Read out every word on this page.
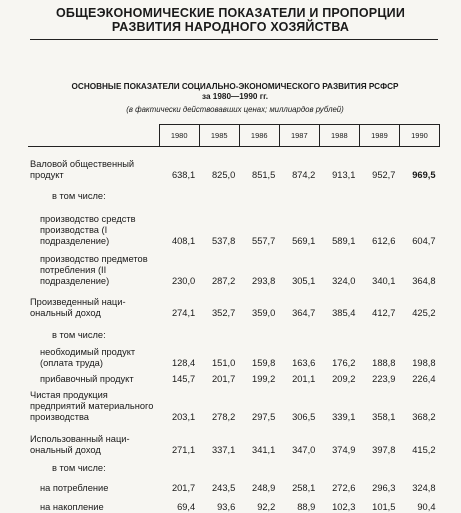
ОБЩЕЭКОНОМИЧЕСКИЕ ПОКАЗАТЕЛИ И ПРОПОРЦИИ
РАЗВИТИЯ НАРОДНОГО ХОЗЯЙСТВА
ОСНОВНЫЕ ПОКАЗАТЕЛИ СОЦИАЛЬНО-ЭКОНОМИЧЕСКОГО РАЗВИТИЯ РСФСР
за 1980—1990 гг.
(в фактически действовавших ценах; миллиардов рублей)
	1980	1985	1986	1987	1988	1989	1990
Валовой общественный продукт	638,1	825,0	851,5	874,2	913,1	952,7	969,5
в том числе:							
производство средств производства (I подразделение)	408,1	537,8	557,7	569,1	589,1	612,6	604,7
производство предметов потребления (II подразделение)	230,0	287,2	293,8	305,1	324,0	340,1	364,8
Произведенный национальный доход	274,1	352,7	359,0	364,7	385,4	412,7	425,2
в том числе:							
необходимый продукт (оплата труда)	128,4	151,0	159,8	163,6	176,2	188,8	198,8
прибавочный продукт	145,7	201,7	199,2	201,1	209,2	223,9	226,4
Чистая продукция предприятий материального производства	203,1	278,2	297,5	306,5	339,1	358,1	368,2
Использованный национальный доход	271,1	337,1	341,1	347,0	374,9	397,8	415,2
в том числе:							
на потребление	201,7	243,5	248,9	258,1	272,6	296,3	324,8
на накопление	69,4	93,6	92,2	88,9	102,3	101,5	90,4
